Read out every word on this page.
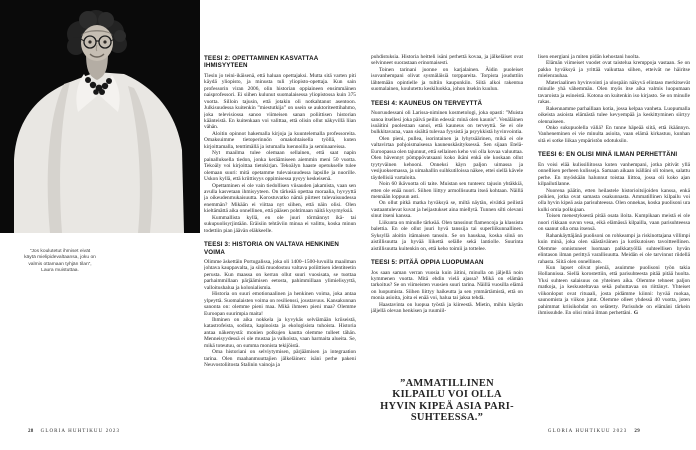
”Jos koulutetut ihmiset eivät käytä mielipidevaltaansa, joku on valmis ottamaan tyhjän tilan”, Laura muistuttaa.
TEESI 2: OPETTAMINEN KASVATTAA IHMISYYTEEN
Tiesin jo teini-ikäisenä, että haluan opettajaksi. Mutta sitä varten piti käydä yliopisto, ja minusta tuli yliopisto-opettaja. Kun sain professorin viran 2006, olin historian oppiaineen ensimmäinen naisprofessori. Ei siihen kulunut suomalaisessa yliopistossa kuin 375 vuotta. Silloin tajusin, että jotakin oli notkahtanut asentoon. Julkisuudessa kuitenkin ”miestutkija” on usein se auktoriteettihahmo, joka televisiossa sanoo viimeisen sanan poliittisen historian käänteistä. En kuitenkaan voi valittaa, että olisin ollut näkyvillä liian vähän.
Aloitin opinnot hakemalla kirjoja ja kuuntelemalla professoreita. Omaksuimme tietoperinnön omakohtaisella työllä, kuten kirjoittamalla, tenttimällä ja istumalla luennoilla ja seminaareissa.
Nyt maailma tulee olemaan sellainen, että saat napin painalluksella tiedon, jonka keräämiseen aiemmin meni 50 vuotta. Tekoäly voi kirjoittaa tietokirjan. Tekoälyn haaste opetukselle tulee olemaan suuri: mitä opetamme tulevaisuudessa lapsille ja nuorille. Uskon kyllä, että kriittisyys oppimisessa pysyy keskeisenä.
Opettaminen ei ole vain tiedollisen viisauden jakamista, vaan sen avulla kasvetaan ihmisyyteen. On tärkeää opettaa moraalia, hyvyyttä ja oikeudenmukaisuutta. Korostuvatko nämä piirteet tulevaisuudessa enemmän? Mikään ei viittaa nyt siihen, että näin olisi. Olen kieltämättä aika onnellinen, että pääsen pohtimaan näitä kysymyksiä.
Kummallista kyllä, en ole juuri törmännyt ikä- tai sukupuolisyrjintään. Eräisiin tehtäviin minua ei valittu, koska minun todettiin pian jäävän eläkkeelle.
TEESI 3: HISTORIA ON VALTAVA HENKINEN VOIMA
Olimme äskettäin Portugalissa, joka oli 1400–1500-luvuilla maailman johtava kauppavalta, ja siitä muodostuu valtava poliittisen identiteetin perusta. Kun maassa on kerran ollut suuri vuosisata, se tuottaa parhaimmillaan pärjäämisen eetosta, pahimmillaan ylimielisyyttä, valloitushalua ja kolonialismia.
Historia on suuri emotionaalinen ja henkinen voima, joka antaa ylpeyttä. Suomalaisten voima on resilienssi, joustavuus. Kansakunnan sanonta on: olemme pieni maa. Mikä ihmeen pieni maa? Olemme Euroopan suurimpia maita!
Ihminen on aika nokkela ja kyvykäs selviämään kriiseistä, katastrofeista, sodista, kapinoista ja ekologisista tuhoista. Historia antaa näkemystä: monien polkujen kautta olemme tulleet tähän. Menneisyydessä ei ole mustaa ja valkoista, vaan harmaita alueita. Se, mikä toteutuu, on summa monista tekijöistä.
Oma historiani on selviytymisen, pärjäämisen ja integraation tarina. Olen maahanmuuttajien jälkeläinen: isäni perhe pakeni Neuvostoliitosta Stalinin vainoja ja
puhdistuksia. Historia heitteli isäni perhettä kovaa, ja jälkeläiset ovat selvinneet suorastaan erinomaisesti.
Toinen tarinani juonne on karjalainen. Äidin puoleiset isovanhempani olivat sysmäläisiä torppareita. Torpista jouduttiin lähtemään opintielle ja tultiin kaupunkiin. Siitä alkoi rakentua suomalainen, koulutettu keskiluokka, johon itsekin kuulun.
TEESI 4: KAUNEUS ON TERVEYTTÄ
Nuoruudessani oli Larissa-niminen kosmetologi, joka opasti: ”Muista sanoa itsellesi joka päivä peilin edessä: minä olen kaunis”. Venäläinen isoäitini puolestaan sanoi, että kauneus on terveyttä. Se ei ole bulkkitavaraa, vaan sisältä tulevaa fyysistä ja psyykkistä hyvinvointia.
Olen pieni, pullea, isorintainen ja lyhytsäärinen, mikä ei ole valtavirtaa pohjoismaisessa kauneuskäsityksessä. Sen sijaan Etelä-Euroopassa olen tajunnut, että sellainen keho voi olla kovaa valuuttaa. Olen hävennyt pömppövatsaani koko ikäni enkä ole koskaan ollut tyytyväinen kehooni. Onneksi käyn paljon uimassa ja vesijuoksemassa, ja uimahallin suihkutiloissa näkee, ettei siellä kävele täydellisiä vartaloita.
Noin 60 ikävuotta oli taite. Muistan sen tunteen: tajusin yhtäkkiä, etten ole enää nuori. Siihen liittyy armollisuutta itseä kohtaan. Näillä mennään loppuun asti.
On ollut pitkä matka hyväksyä se, miltä näytän, eivätkä peilistä vastaantulevat kuvat ja heijastukset aina miellytä. Tunnen silti olevani sinut itseni kanssa.
Liikunta on minulle tärkeää. Olen tanssinut flamencoja ja klassista balettia. En ole ollut juuri hyvä tanssija tai superliikunnallinen. Syksyllä aloitin itämaisen tanssin. Se on hauskaa, koska siinä on aistillisuutta ja hyvää liikettä selälle sekä lantiolle. Suurinta aistillisuutta kuitenkin on, että keho toimii ja tottelee.
TEESI 5: PITÄÄ OPPIA LUOPUMAAN
Jos saan saman verran vuosia kuin äitini, minulla on jäljellä noin kymmenen vuotta. Mitä ehdin vielä ajassa? Mikä on elämän tarkoitus? Se on viimeisten vuosien suuri tarina. Näillä vuosilla elämä on luopumista. Siihen liittyy haikeutta ja sen ymmärtämistä, että on monia asioita, joita ei enää voi, halua tai jaksa tehdä.
Haastavinta on luopua työstä ja kiireestä. Mietin, mihin käytän jäljellä olevan henkisen ja ruumiil-
”AMMATILLINEN KILPAILU VOI OLLA HYVIN KIPEÄ ASIA PARI-SUHTEESSA.”
lisen energiani ja miten pidän kehostani huolta.
Elämän viimeiset vuodet ovat taistelua kremppoja vastaan. Se on pakko hyväksyä ja yrittää vaikuttaa siihen, etteivät ne häiritse mielenrauhaa.
Materiaalinen hyvinvointi ja ulospäin näkyvä elintaso merkitsevät minulle yhä vähemmän. Olen myös itse aika valmis luopumaan tavaroista ja esineistä. Kotona on kuitenkin iso kirjasto. Se on minulle rakas.
Rakennamme parhaillaan kotia, jossa kelpaa vanheta. Luopumalla oikeista asioista elämästä tulee kevyempää ja keskittyminen siirtyy olennaiseen.
Onko sukupuolella väliä? En tunne häpeää siitä, että ikäännyn. Vanheneminen ei vie minulta asioita, vaan elämä kirkastuu, kunhan sitä ei sotke liikaa ympäristön odotuksiin.
TEESI 6: EN OLISI MINÄ ILMAN PERHETTÄNI
En voisi elää kulissiliitossa kuten vanhempani, jotka pitivät yllä onnellisen perheen kulisseja. Samaan aikaan isälläni oli toinen, salattu perhe. En myöskään halunnut toistaa liittoa, jossa oli koko ajan kilpailutilanne.
Nuorena päätin, etten heilastele historioitsijoiden kanssa, enkä poikien, jotka ovat samasta osakunnasta. Ammatillinen kilpailu voi olla hyvin kipeä asia parisuhteessa. Olen onnekas, koska puolisoni ura kulki omia polkujaan.
Toisen menestyksestä pitää osata iloita. Kumpikaan meistä ei ole nuori rikkaan suvun vesa, eikä elämässä kilpailla, vaan parisuhteessa on saanut olla oma itsensä.
Rahankäyttäjänä puolisoni on rohkeampi ja riskinottajana villimpi kuin minä, joka olen säästäväinen ja kotikutoisen tavoitteellinen. Olemme onnistuneet luomaan palkkatyöllä suhteellisen hyvän elintason ilman perittyä varallisuutta. Meidän ei ole tarvinnut riidellä rahasta. Siitä olen onnellinen.
Kun lapset olivat pieniä, asuimme puolisoni työn takia Hollannissa. Siellä korostettiin, että parisuhteesta pitää pitää huolta. Yksi suhteen salaisuus on yhteinen aika. Olemme tehneet paljon matkoja, ja keskusteltavaa sekä puhuttavaa on riittänyt. Yhteiset viikonloput ovat rituaali, josta pidämme kiinni: hyvää ruokaa, saunomista ja viikon jutut. Olemme olleet yhdessä 40 vuotta, joten pahimmat kriisikohdat on selätetty. Parisuhde on elämäni tärkein ihmissuhde. En olisi minä ilman perhettäni. G
28 GLORIA HUHTIKUU 2023	GLORIA HUHTIKUU 2023 29
